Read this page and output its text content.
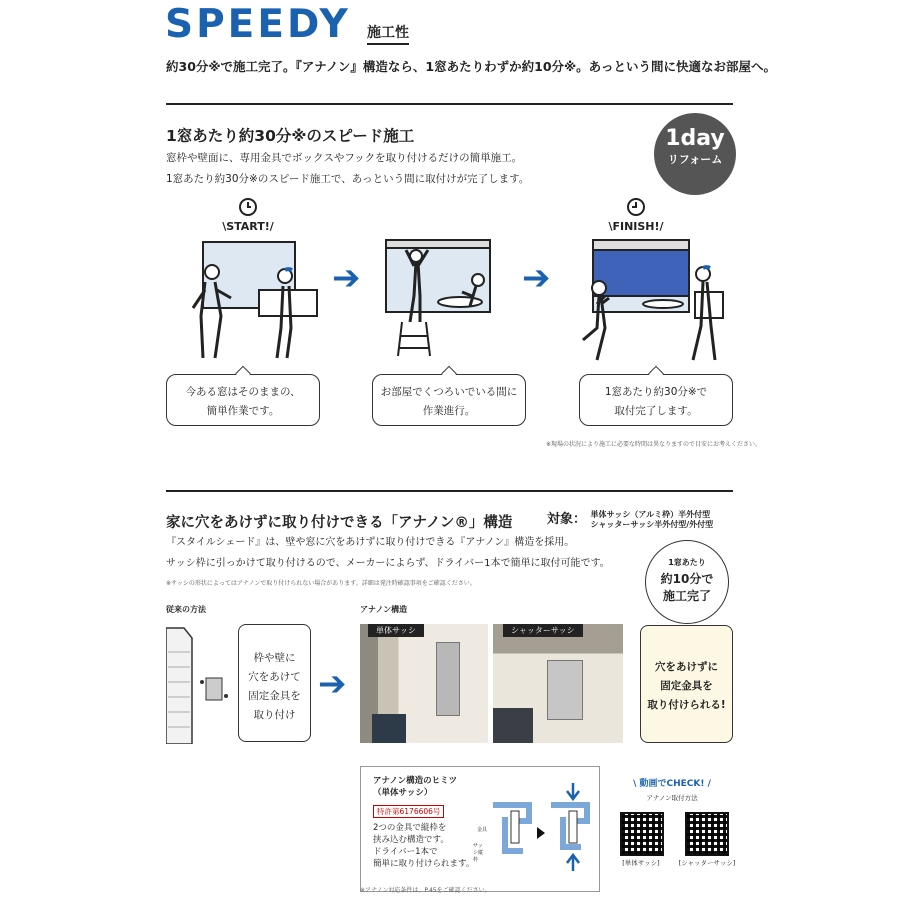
SPEEDY 施工性
約30分※で施工完了。『アナノン』構造なら、1窓あたりわずか約10分※。あっという間に快適なお部屋へ。
1窓あたり約30分※のスピード施工
窓枠や壁面に、専用金具でボックスやフックを取り付けるだけの簡単施工。
1窓あたり約30分※のスピード施工で、あっという間に取付けが完了します。
1day
リフォーム
\START!/	\FINISH!/
➔	➔
今ある窓はそのままの、
簡単作業です。
お部屋でくつろいでいる間に
作業進行。
1窓あたり約30分※で
取付完了します。
※現場の状況により施工に必要な時間は異なりますので目安にお考えください。
家に穴をあけずに取り付けできる「アナノン®」構造	対象： 単体サッシ（アルミ枠）半外付型
シャッターサッシ半外付型/外付型
『スタイルシェード』は、壁や窓に穴をあけずに取り付けできる『アナノン』構造を採用。
サッシ枠に引っかけて取り付けるので、メーカーによらず、ドライバー1本で簡単に取付可能です。
※サッシの形状によってはアナノンで取り付けられない場合があります。詳細は発注時確認事項をご確認ください。
1窓あたり
約10分で
施工完了
従来の方法	アナノン構造
枠や壁に
穴をあけて
固定金具を
取り付け
➔
単体サッシ	シャッターサッシ
穴をあけずに
固定金具を
取り付けられる!
アナノン構造のヒミツ
（単体サッシ）
特許第6176606号
2つの金具で縦枠を
挟み込む構造です。
ドライバー1本で
簡単に取り付けられます。
金具
サッシ縦枠
※アナノン対応条件は、P.45をご確認ください。
\ 動画でCHECK! /
アナノン取付方法
[単体サッシ]	[シャッターサッシ]
